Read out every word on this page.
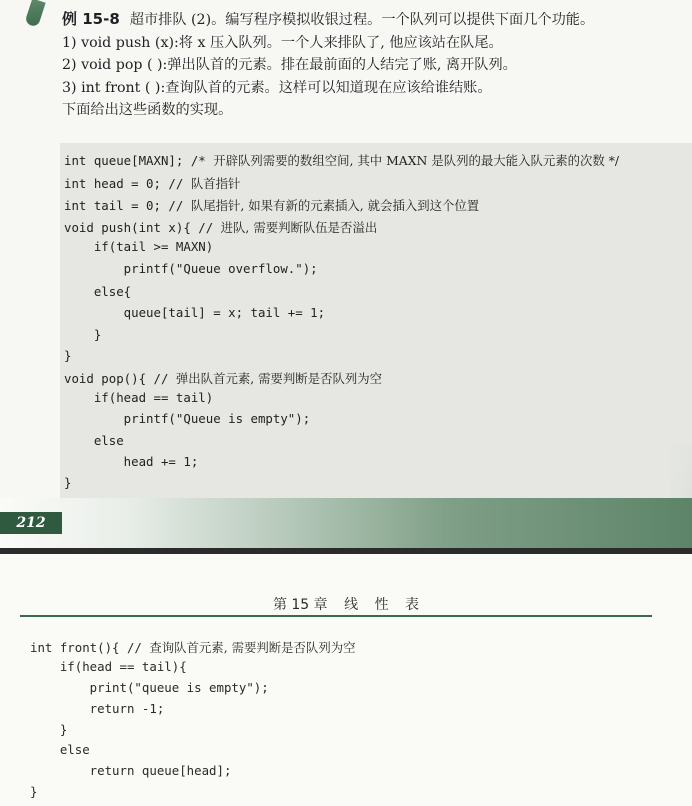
例 15-8 超市排队 (2)。编写程序模拟收银过程。一个队列可以提供下面几个功能。
1) void push (x):将 x 压入队列。一个人来排队了, 他应该站在队尾。
2) void pop ( ):弹出队首的元素。排在最前面的人结完了账, 离开队列。
3) int front ( ):查询队首的元素。这样可以知道现在应该给谁结账。
下面给出这些函数的实现。
int queue[MAXN]; /* 开辟队列需要的数组空间, 其中 MAXN 是队列的最大能入队元素的次数 */
int head = 0; // 队首指针
int tail = 0; // 队尾指针, 如果有新的元素插入, 就会插入到这个位置
void push(int x){ // 进队, 需要判断队伍是否溢出
if(tail >= MAXN)
printf("Queue overflow.");
else{
queue[tail] = x; tail += 1;
}
}
void pop(){ // 弹出队首元素, 需要判断是否队列为空
if(head == tail)
printf("Queue is empty");
else
head += 1;
}
212
第 15 章 线 性 表
int front(){ // 查询队首元素, 需要判断是否队列为空
if(head == tail){
print("queue is empty");
return -1;
}
else
return queue[head];
}
